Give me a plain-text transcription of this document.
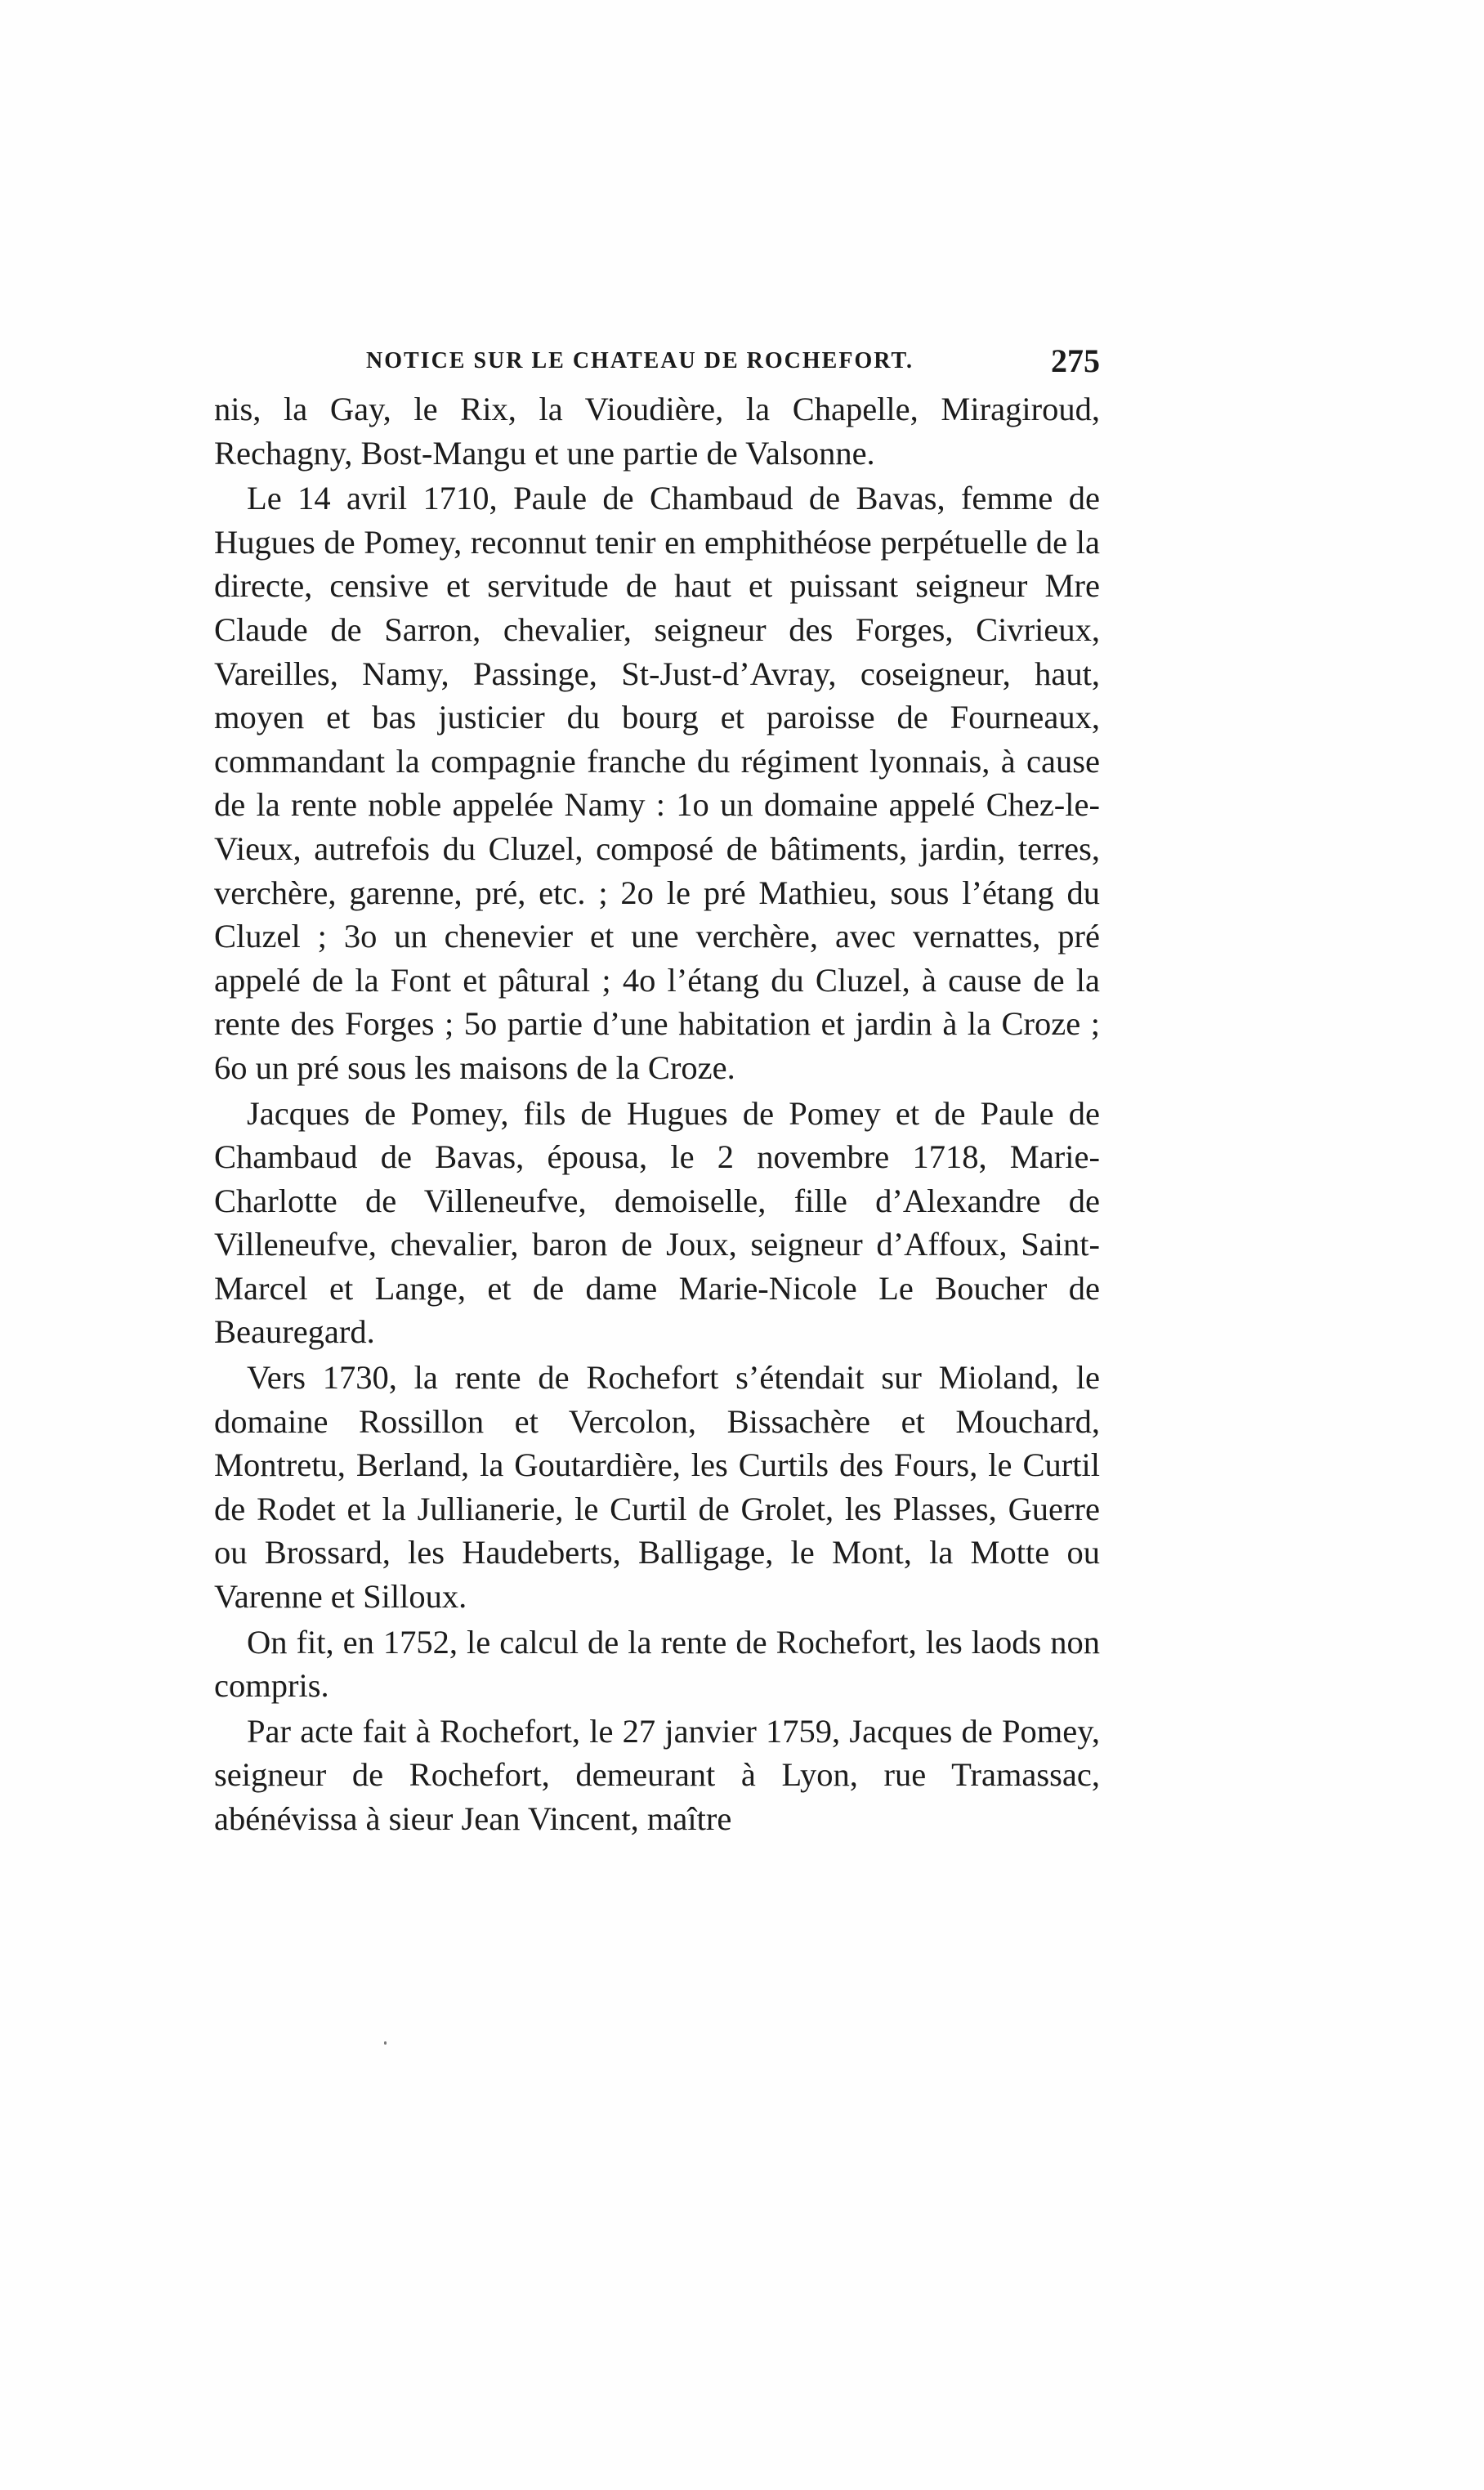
NOTICE SUR LE CHATEAU DE ROCHEFORT.	275

nis, la Gay, le Rix, la Vioudière, la Chapelle, Miragiroud, Rechagny, Bost-Mangu et une partie de Valsonne.

Le 14 avril 1710, Paule de Chambaud de Bavas, femme de Hugues de Pomey, reconnut tenir en emphithéose perpétuelle de la directe, censive et servitude de haut et puissant seigneur Mre Claude de Sarron, chevalier, seigneur des Forges, Civrieux, Vareilles, Namy, Passinge, St-Just-d’Avray, coseigneur, haut, moyen et bas justicier du bourg et paroisse de Fourneaux, commandant la compagnie franche du régiment lyonnais, à cause de la rente noble appelée Namy : 1o un domaine appelé Chez-le-Vieux, autrefois du Cluzel, composé de bâtiments, jardin, terres, verchère, garenne, pré, etc. ; 2o le pré Mathieu, sous l’étang du Cluzel ; 3o un chenevier et une verchère, avec vernattes, pré appelé de la Font et pâtural ; 4o l’étang du Cluzel, à cause de la rente des Forges ; 5o partie d’une habitation et jardin à la Croze ; 6o un pré sous les maisons de la Croze.

Jacques de Pomey, fils de Hugues de Pomey et de Paule de Chambaud de Bavas, épousa, le 2 novembre 1718, Marie-Charlotte de Villeneufve, demoiselle, fille d’Alexandre de Villeneufve, chevalier, baron de Joux, seigneur d’Affoux, Saint-Marcel et Lange, et de dame Marie-Nicole Le Boucher de Beauregard.

Vers 1730, la rente de Rochefort s’étendait sur Mioland, le domaine Rossillon et Vercolon, Bissachère et Mouchard, Montretu, Berland, la Goutardière, les Curtils des Fours, le Curtil de Rodet et la Jullianerie, le Curtil de Grolet, les Plasses, Guerre ou Brossard, les Haudeberts, Balligage, le Mont, la Motte ou Varenne et Silloux.

On fit, en 1752, le calcul de la rente de Rochefort, les laods non compris.

Par acte fait à Rochefort, le 27 janvier 1759, Jacques de Pomey, seigneur de Rochefort, demeurant à Lyon, rue Tramassac, abénévissa à sieur Jean Vincent, maître
